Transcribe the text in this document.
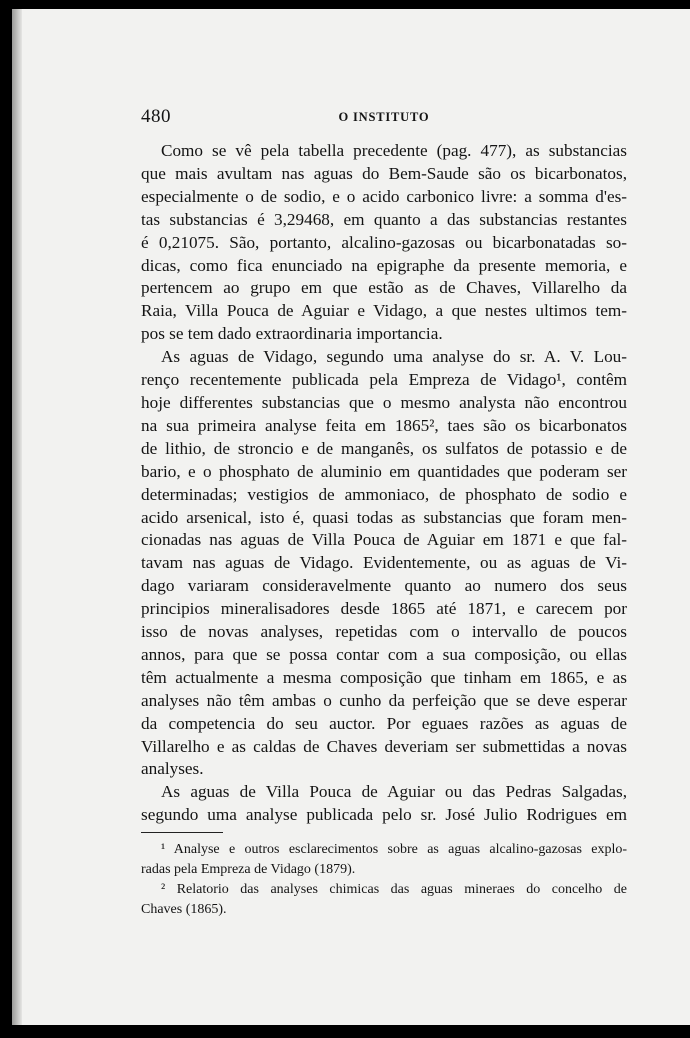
480	O INSTITUTO
Como se vê pela tabella precedente (pag. 477), as substancias
que mais avultam nas aguas do Bem-Saude são os bicarbonatos,
especialmente o de sodio, e o acido carbonico livre: a somma d'es-
tas substancias é 3,29468, em quanto a das substancias restantes
é 0,21075. São, portanto, alcalino-gazosas ou bicarbonatadas so-
dicas, como fica enunciado na epigraphe da presente memoria, e
pertencem ao grupo em que estão as de Chaves, Villarelho da
Raia, Villa Pouca de Aguiar e Vidago, a que nestes ultimos tem-
pos se tem dado extraordinaria importancia.
As aguas de Vidago, segundo uma analyse do sr. A. V. Lou-
renço recentemente publicada pela Empreza de Vidago¹, contêm
hoje differentes substancias que o mesmo analysta não encontrou
na sua primeira analyse feita em 1865², taes são os bicarbonatos
de lithio, de stroncio e de manganês, os sulfatos de potassio e de
bario, e o phosphato de aluminio em quantidades que poderam ser
determinadas; vestigios de ammoniaco, de phosphato de sodio e
acido arsenical, isto é, quasi todas as substancias que foram men-
cionadas nas aguas de Villa Pouca de Aguiar em 1871 e que fal-
tavam nas aguas de Vidago. Evidentemente, ou as aguas de Vi-
dago variaram consideravelmente quanto ao numero dos seus
principios mineralisadores desde 1865 até 1871, e carecem por
isso de novas analyses, repetidas com o intervallo de poucos
annos, para que se possa contar com a sua composição, ou ellas
têm actualmente a mesma composição que tinham em 1865, e as
analyses não têm ambas o cunho da perfeição que se deve esperar
da competencia do seu auctor. Por eguaes razões as aguas de
Villarelho e as caldas de Chaves deveriam ser submettidas a novas
analyses.
As aguas de Villa Pouca de Aguiar ou das Pedras Salgadas,
segundo uma analyse publicada pelo sr. José Julio Rodrigues em
¹ Analyse e outros esclarecimentos sobre as aguas alcalino-gazosas explo-
radas pela Empreza de Vidago (1879).
² Relatorio das analyses chimicas das aguas mineraes do concelho de
Chaves (1865).
